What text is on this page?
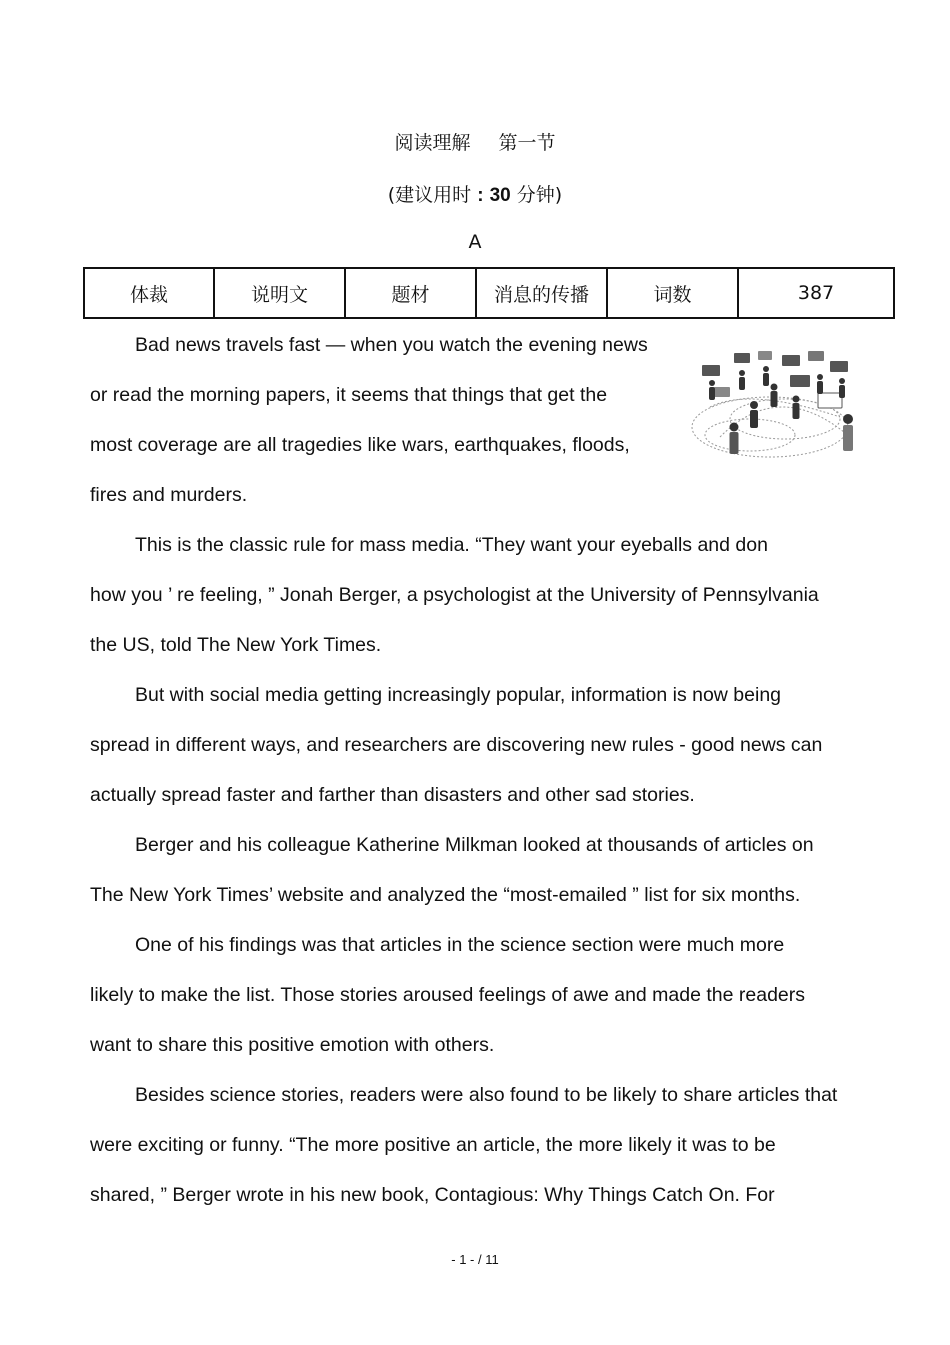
阅读理解 第一节
(建议用时 : 30 分钟)
A
体裁	说明文	题材	消息的传播	词数	387
Bad news travels fast — when you watch the evening news
or read the morning papers, it seems that things that get the
most coverage are all tragedies like wars, earthquakes, floods,
fires and murders.
This is the classic rule for mass media. “They want your eyeballs and don
how you ’ re feeling, ” Jonah Berger, a psychologist at the University of Pennsylvania
the US, told The New York Times.
But with social media getting increasingly popular, information is now being
spread in different ways, and researchers are discovering new rules - good news can
actually spread faster and farther than disasters and other sad stories.
Berger and his colleague Katherine Milkman looked at thousands of articles on
The New York Times’ website and analyzed the “most-emailed ” list for six months.
One of his findings was that articles in the science section were much more
likely to make the list. Those stories aroused feelings of awe and made the readers
want to share this positive emotion with others.
Besides science stories, readers were also found to be likely to share articles that
were exciting or funny. “The more positive an article, the more likely it was to be
shared, ” Berger wrote in his new book, Contagious: Why Things Catch On. For
- 1 - / 11
